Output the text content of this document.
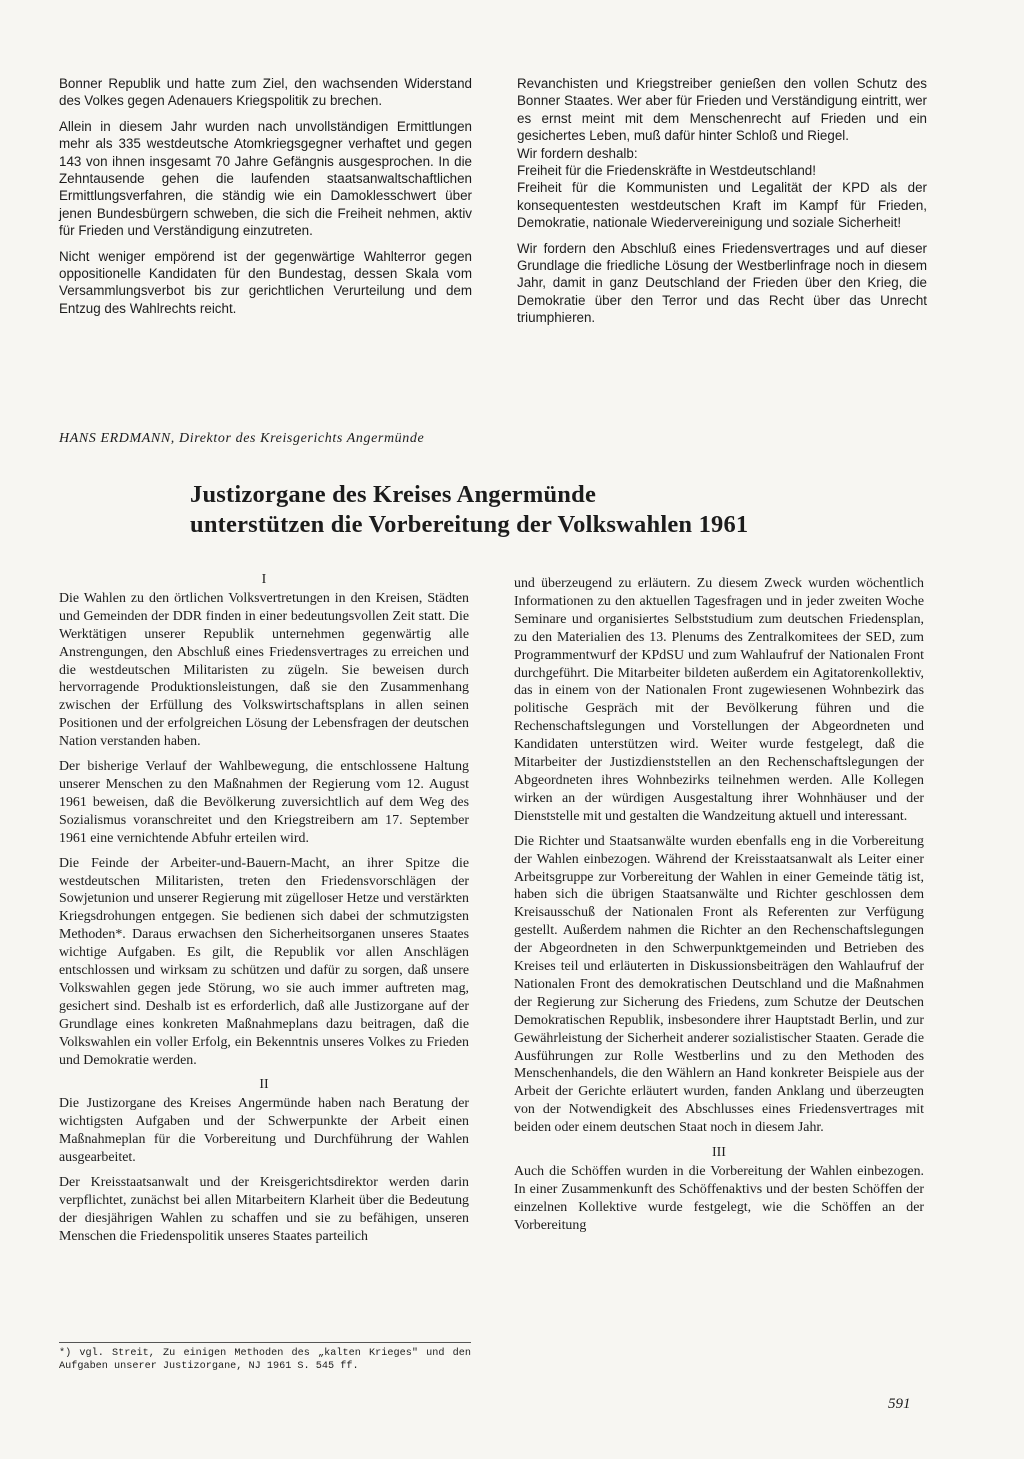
Bonner Republik und hatte zum Ziel, den wachsenden Widerstand des Volkes gegen Adenauers Kriegspolitik zu brechen.

Allein in diesem Jahr wurden nach unvollständigen Ermittlungen mehr als 335 westdeutsche Atomkriegsgegner verhaftet und gegen 143 von ihnen insgesamt 70 Jahre Gefängnis ausgesprochen. In die Zehntausende gehen die laufenden staatsanwaltschaftlichen Ermittlungsverfahren, die ständig wie ein Damoklesschwert über jenen Bundesbürgern schweben, die sich die Freiheit nehmen, aktiv für Frieden und Verständigung einzutreten.

Nicht weniger empörend ist der gegenwärtige Wahlterror gegen oppositionelle Kandidaten für den Bundestag, dessen Skala vom Versammlungsverbot bis zur gerichtlichen Verurteilung und dem Entzug des Wahlrechts reicht.

Revanchisten und Kriegstreiber genießen den vollen Schutz des Bonner Staates. Wer aber für Frieden und Verständigung eintritt, wer es ernst meint mit dem Menschenrecht auf Frieden und ein gesichertes Leben, muß dafür hinter Schloß und Riegel.

Wir fordern deshalb:

Freiheit für die Friedenskräfte in Westdeutschland!

Freiheit für die Kommunisten und Legalität der KPD als der konsequentesten westdeutschen Kraft im Kampf für Frieden, Demokratie, nationale Wiedervereinigung und soziale Sicherheit!

Wir fordern den Abschluß eines Friedensvertrages und auf dieser Grundlage die friedliche Lösung der Westberlinfrage noch in diesem Jahr, damit in ganz Deutschland der Frieden über den Krieg, die Demokratie über den Terror und das Recht über das Unrecht triumphieren.

HANS ERDMANN, Direktor des Kreisgerichts Angermünde
Justizorgane des Kreises Angermünde
unterstützen die Vorbereitung der Volkswahlen 1961
I

Die Wahlen zu den örtlichen Volksvertretungen in den Kreisen, Städten und Gemeinden der DDR finden in einer bedeutungsvollen Zeit statt. Die Werktätigen unserer Republik unternehmen gegenwärtig alle Anstrengungen, den Abschluß eines Friedensvertrages zu erreichen und die westdeutschen Militaristen zu zügeln. Sie beweisen durch hervorragende Produktionsleistungen, daß sie den Zusammenhang zwischen der Erfüllung des Volkswirtschaftsplans in allen seinen Positionen und der erfolgreichen Lösung der Lebensfragen der deutschen Nation verstanden haben.

Der bisherige Verlauf der Wahlbewegung, die entschlossene Haltung unserer Menschen zu den Maßnahmen der Regierung vom 12. August 1961 beweisen, daß die Bevölkerung zuversichtlich auf dem Weg des Sozialismus voranschreitet und den Kriegstreibern am 17. September 1961 eine vernichtende Abfuhr erteilen wird.

Die Feinde der Arbeiter-und-Bauern-Macht, an ihrer Spitze die westdeutschen Militaristen, treten den Friedensvorschlägen der Sowjetunion und unserer Regierung mit zügelloser Hetze und verstärkten Kriegsdrohungen entgegen. Sie bedienen sich dabei der schmutzigsten Methoden*. Daraus erwachsen den Sicherheitsorganen unseres Staates wichtige Aufgaben. Es gilt, die Republik vor allen Anschlägen entschlossen und wirksam zu schützen und dafür zu sorgen, daß unsere Volkswahlen gegen jede Störung, wo sie auch immer auftreten mag, gesichert sind. Deshalb ist es erforderlich, daß alle Justizorgane auf der Grundlage eines konkreten Maßnahmeplans dazu beitragen, daß die Volkswahlen ein voller Erfolg, ein Bekenntnis unseres Volkes zu Frieden und Demokratie werden.

II

Die Justizorgane des Kreises Angermünde haben nach Beratung der wichtigsten Aufgaben und der Schwerpunkte der Arbeit einen Maßnahmeplan für die Vorbereitung und Durchführung der Wahlen ausgearbeitet.

Der Kreisstaatsanwalt und der Kreisgerichtsdirektor werden darin verpflichtet, zunächst bei allen Mitarbeitern Klarheit über die Bedeutung der diesjährigen Wahlen zu schaffen und sie zu befähigen, unseren Menschen die Friedenspolitik unseres Staates parteilich

und überzeugend zu erläutern. Zu diesem Zweck wurden wöchentlich Informationen zu den aktuellen Tagesfragen und in jeder zweiten Woche Seminare und organisiertes Selbststudium zum deutschen Friedensplan, zu den Materialien des 13. Plenums des Zentralkomitees der SED, zum Programmentwurf der KPdSU und zum Wahlaufruf der Nationalen Front durchgeführt. Die Mitarbeiter bildeten außerdem ein Agitatorenkollektiv, das in einem von der Nationalen Front zugewiesenen Wohnbezirk das politische Gespräch mit der Bevölkerung führen und die Rechenschaftslegungen und Vorstellungen der Abgeordneten und Kandidaten unterstützen wird. Weiter wurde festgelegt, daß die Mitarbeiter der Justizdienststellen an den Rechenschaftslegungen der Abgeordneten ihres Wohnbezirks teilnehmen werden. Alle Kollegen wirken an der würdigen Ausgestaltung ihrer Wohnhäuser und der Dienststelle mit und gestalten die Wandzeitung aktuell und interessant.

Die Richter und Staatsanwälte wurden ebenfalls eng in die Vorbereitung der Wahlen einbezogen. Während der Kreisstaatsanwalt als Leiter einer Arbeitsgruppe zur Vorbereitung der Wahlen in einer Gemeinde tätig ist, haben sich die übrigen Staatsanwälte und Richter geschlossen dem Kreisausschuß der Nationalen Front als Referenten zur Verfügung gestellt. Außerdem nahmen die Richter an den Rechenschaftslegungen der Abgeordneten in den Schwerpunktgemeinden und Betrieben des Kreises teil und erläuterten in Diskussionsbeiträgen den Wahlaufruf der Nationalen Front des demokratischen Deutschland und die Maßnahmen der Regierung zur Sicherung des Friedens, zum Schutze der Deutschen Demokratischen Republik, insbesondere ihrer Hauptstadt Berlin, und zur Gewährleistung der Sicherheit anderer sozialistischer Staaten. Gerade die Ausführungen zur Rolle Westberlins und zu den Methoden des Menschenhandels, die den Wählern an Hand konkreter Beispiele aus der Arbeit der Gerichte erläutert wurden, fanden Anklang und überzeugten von der Notwendigkeit des Abschlusses eines Friedensvertrages mit beiden oder einem deutschen Staat noch in diesem Jahr.

III

Auch die Schöffen wurden in die Vorbereitung der Wahlen einbezogen. In einer Zusammenkunft des Schöffenaktivs und der besten Schöffen der einzelnen Kollektive wurde festgelegt, wie die Schöffen an der Vorbereitung

*) vgl. Streit, Zu einigen Methoden des „kalten Krieges" und den Aufgaben unserer Justizorgane, NJ 1961 S. 545 ff.
591
